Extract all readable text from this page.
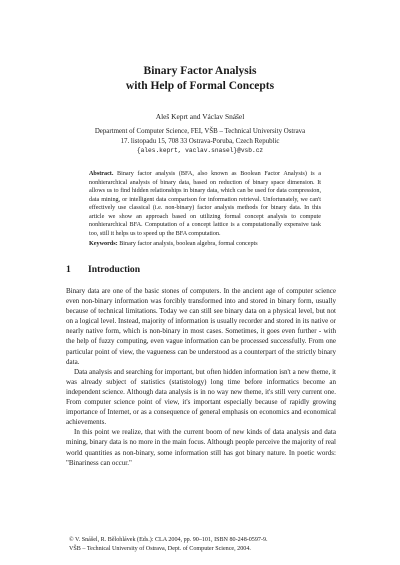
Binary Factor Analysis
with Help of Formal Concepts
Aleš Keprt and Václav Snášel
Department of Computer Science, FEI, VŠB – Technical University Ostrava
17. listopadu 15, 708 33 Ostrava-Poruba, Czech Republic
{ales.keprt, vaclav.snasel}@vsb.cz
Abstract. Binary factor analysis (BFA, also known as Boolean Factor Analysis) is a nonhierarchical analysis of binary data, based on reduction of binary space dimension. It allows us to find hidden relationships in binary data, which can be used for data compression, data mining, or intelligent data comparison for information retrieval. Unfortunately, we can't effectively use classical (i.e. non-binary) factor analysis methods for binary data. In this article we show an approach based on utilizing formal concept analysis to compute nonhierarchical BFA. Computation of a concept lattice is a computationally expensive task too, still it helps us to speed up the BFA computation.
Keywords: Binary factor analysis, boolean algebra, formal concepts
1 Introduction

Binary data are one of the basic stones of computers. In the ancient age of computer science even non-binary information was forcibly transformed into and stored in binary form, usually because of technical limitations. Today we can still see binary data on a physical level, but not on a logical level. Instead, majority of information is usually recorder and stored in its native or nearly native form, which is non-binary in most cases. Sometimes, it goes even further - with the help of fuzzy computing, even vague information can be processed successfully. From one particular point of view, the vagueness can be understood as a counterpart of the strictly binary data.

Data analysis and searching for important, but often hidden information isn't a new theme, it was already subject of statistics (statistology) long time before informatics become an independent science. Although data analysis is in no way new theme, it's still very current one. From computer science point of view, it's important especially because of rapidly growing importance of Internet, or as a consequence of general emphasis on economics and economical achievements.

In this point we realize, that with the current boom of new kinds of data analysis and data mining, binary data is no more in the main focus. Although people perceive the majority of real world quantities as non-binary, some information still has got binary nature. In poetic words: "Binariness can occur."

© V. Snášel, R. Bělohlávek (Eds.): CLA 2004, pp. 90–101, ISBN 80-248-0597-9.
VŠB – Technical University of Ostrava, Dept. of Computer Science, 2004.
